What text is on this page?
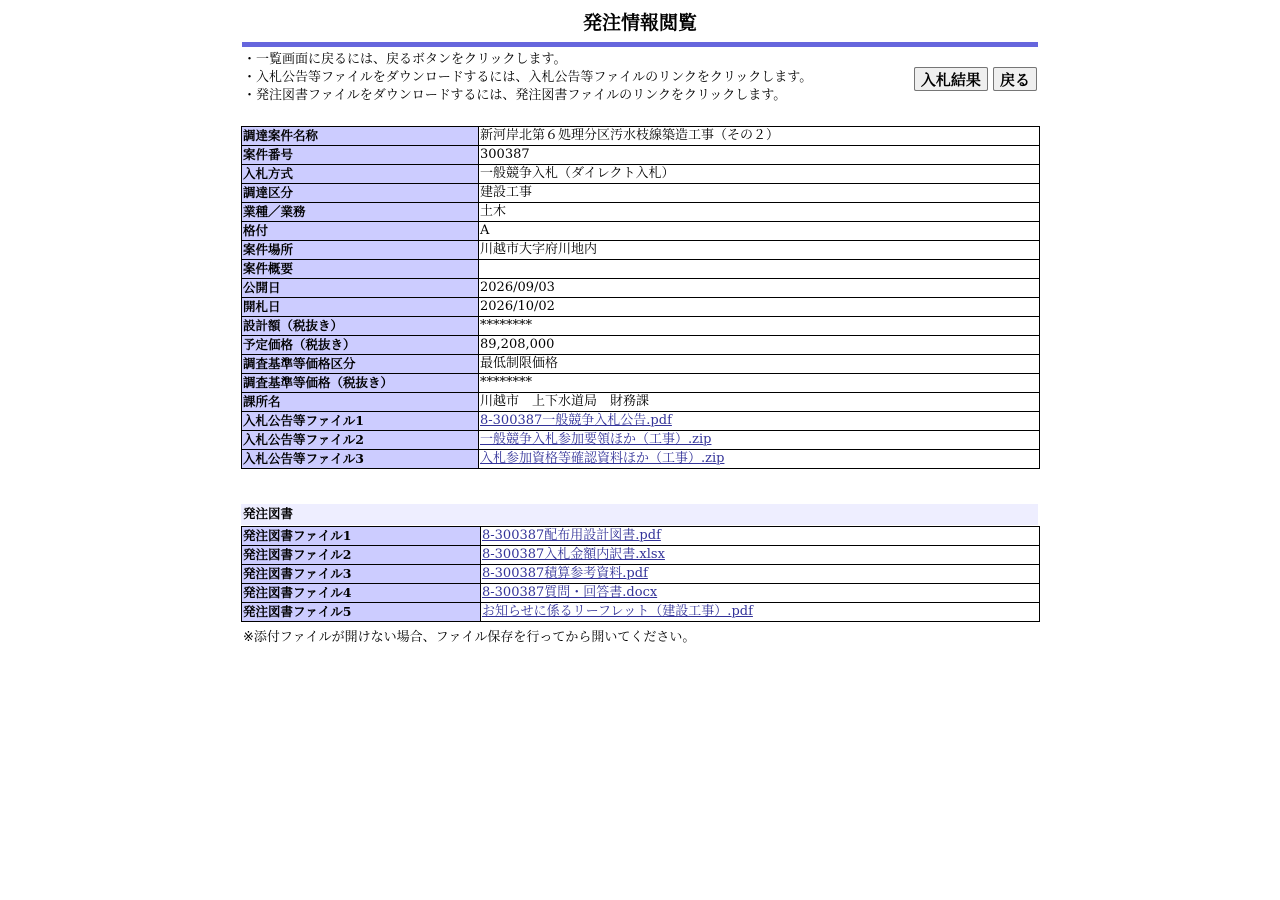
発注情報閲覧
・一覧画面に戻るには、戻るボタンをクリックします。
・入札公告等ファイルをダウンロードするには、入札公告等ファイルのリンクをクリックします。
・発注図書ファイルをダウンロードするには、発注図書ファイルのリンクをクリックします。
入札結果 戻る
調達案件名称	新河岸北第６処理分区汚水枝線築造工事（その２）
案件番号	300387
入札方式	一般競争入札（ダイレクト入札）
調達区分	建設工事
業種／業務	土木
格付	A
案件場所	川越市大字府川地内
案件概要	
公開日	2026/09/03
開札日	2026/10/02
設計額（税抜き）	********
予定価格（税抜き）	89,208,000
調査基準等価格区分	最低制限価格
調査基準等価格（税抜き）	********
課所名	川越市　上下水道局　財務課
入札公告等ファイル1	8-300387一般競争入札公告.pdf
入札公告等ファイル2	一般競争入札参加要領ほか（工事）.zip
入札公告等ファイル3	入札参加資格等確認資料ほか（工事）.zip
発注図書
発注図書ファイル1	8-300387配布用設計図書.pdf
発注図書ファイル2	8-300387入札金額内訳書.xlsx
発注図書ファイル3	8-300387積算参考資料.pdf
発注図書ファイル4	8-300387質問・回答書.docx
発注図書ファイル5	お知らせに係るリーフレット（建設工事）.pdf
※添付ファイルが開けない場合、ファイル保存を行ってから開いてください。
